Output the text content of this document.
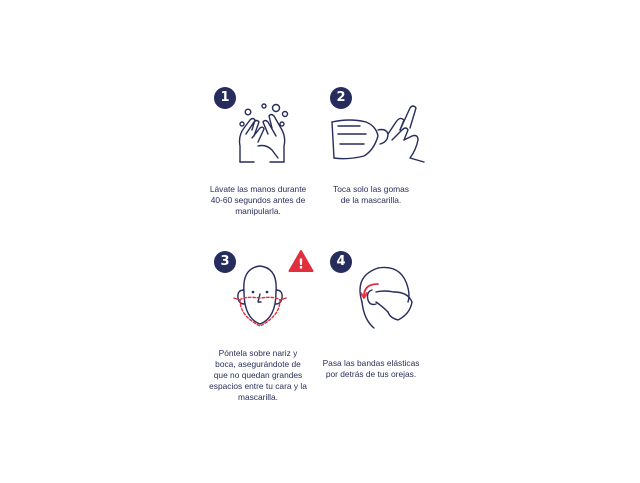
1
Lávate las manos durante
40-60 segundos antes de
manipularla.
2
Toca solo las gomas
de la mascarilla.
3	!
Póntela sobre nariz y
boca, asegurándote de
que no quedan grandes
espacios entre tu cara y la
mascarilla.
4
Pasa las bandas elásticas
por detrás de tus orejas.
